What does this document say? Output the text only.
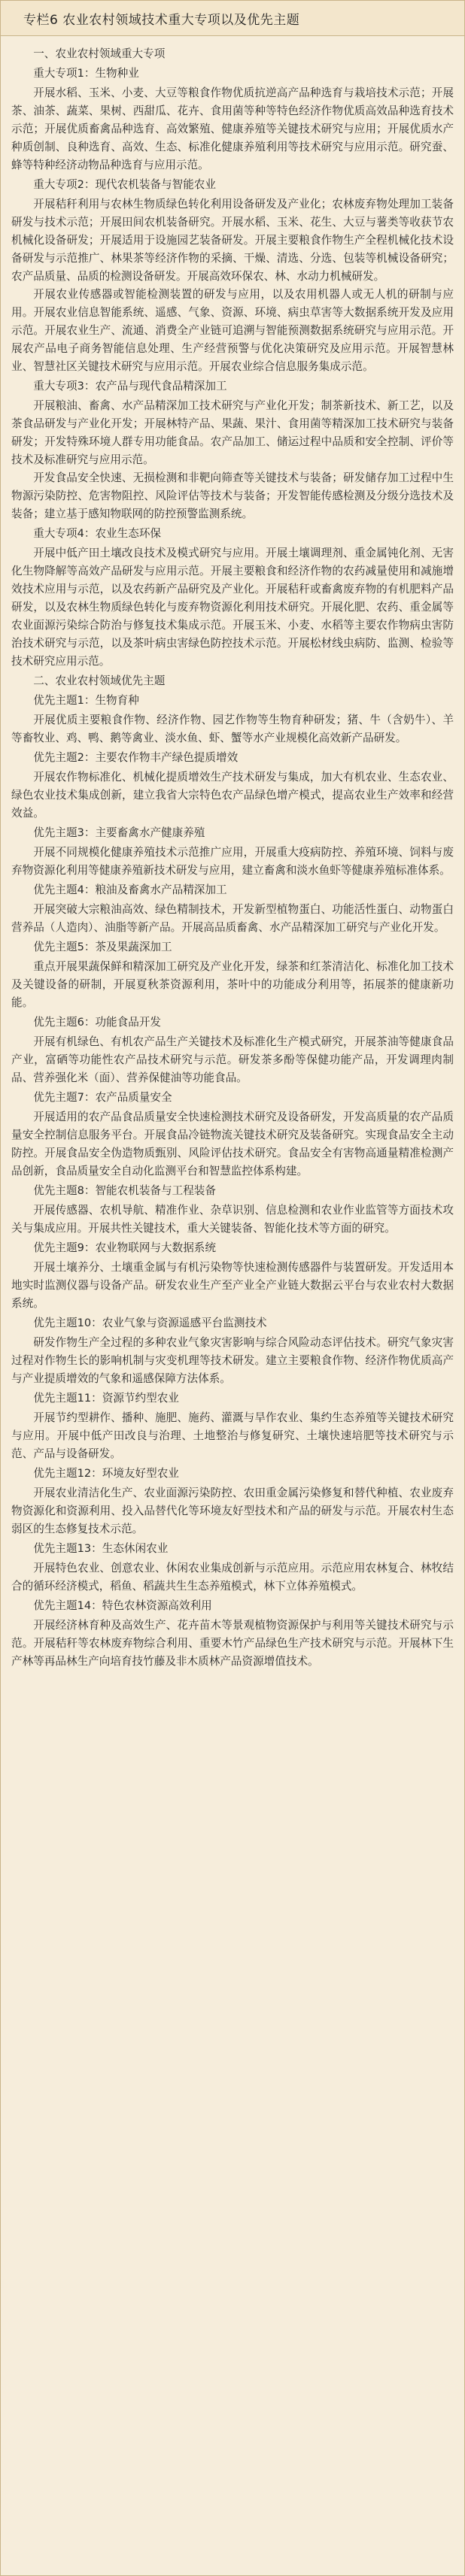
专栏6 农业农村领域技术重大专项以及优先主题
一、农业农村领域重大专项
重大专项1：生物种业

开展水稻、玉米、小麦、大豆等粮食作物优质抗逆高产品种选育与栽培技术示范；开展茶、油茶、蔬菜、果树、西甜瓜、花卉、食用菌等种等特色经济作物优质高效品种选育技术示范；开展优质畜禽品种选育、高效繁殖、健康养殖等关键技术研究与应用；开展优质水产种质创制、良种选育、高效、生态、标准化健康养殖利用等技术研究与应用示范。研究蚕、蜂等特种经济动物品种选育与应用示范。

重大专项2：现代农机装备与智能农业

开展秸秆利用与农林生物质绿色转化利用设备研发及产业化；农林废弃物处理加工装备研发与技术示范；开展田间农机装备研究。开展水稻、玉米、花生、大豆与薯类等收获节农机械化设备研发；开展适用于设施园艺装备研发。开展主要粮食作物生产全程机械化技术设备研发与示范推广、林果茶等经济作物的采摘、干燥、清选、分选、包装等机械设备研究；农产品质量、品质的检测设备研发。开展高效环保农、林、水动力机械研发。

开展农业传感器或智能检测装置的研发与应用，以及农用机器人或无人机的研制与应用。开展农业信息智能系统、遥感、气象、资源、环境、病虫草害等大数据系统开发及应用示范。开展农业生产、流通、消费全产业链可追溯与智能预测数据系统研究与应用示范。开展农产品电子商务智能信息处理、生产经营预警与优化决策研究及应用示范。开展智慧林业、智慧社区关键技术研究与应用示范。开展农业综合信息服务集成示范。

重大专项3：农产品与现代食品精深加工

开展粮油、畜禽、水产品精深加工技术研究与产业化开发；制茶新技术、新工艺，以及茶食品研发与产业化开发；开展林特产品、果蔬、果汁、食用菌等精深加工技术研究与装备研发；开发特殊环境人群专用功能食品。农产品加工、储运过程中品质和安全控制、评价等技术及标准研究与应用示范。

开发食品安全快速、无损检测和非靶向筛查等关键技术与装备；研发储存加工过程中生物源污染防控、危害物阻控、风险评估等技术与装备；开发智能传感检测及分级分选技术及装备；建立基于感知物联网的防控预警监测系统。

重大专项4：农业生态环保

开展中低产田土壤改良技术及模式研究与应用。开展土壤调理剂、重金属钝化剂、无害化生物降解等高效产品研发与应用示范。开展主要粮食和经济作物的农药减量使用和减施增效技术应用与示范，以及农药新产品研究及产业化。开展秸秆或畜禽废弃物的有机肥料产品研发，以及农林生物质绿色转化与废弃物资源化利用技术研究。开展化肥、农药、重金属等农业面源污染综合防治与修复技术集成示范。开展玉米、小麦、水稻等主要农作物病虫害防治技术研究与示范，以及茶叶病虫害绿色防控技术示范。开展松材线虫病防、监测、检验等技术研究应用示范。

二、农业农村领域优先主题
优先主题1：生物育种

开展优质主要粮食作物、经济作物、园艺作物等生物育种研发；猪、牛（含奶牛）、羊等畜牧业、鸡、鸭、鹅等禽业、淡水鱼、虾、蟹等水产业规模化高效新产品研发。

优先主题2：主要农作物丰产绿色提质增效

开展农作物标准化、机械化提质增效生产技术研发与集成，加大有机农业、生态农业、绿色农业技术集成创新，建立我省大宗特色农产品绿色增产模式，提高农业生产效率和经营效益。

优先主题3：主要畜禽水产健康养殖

开展不同规模化健康养殖技术示范推广应用，开展重大疫病防控、养殖环境、饲料与废弃物资源化利用等健康养殖新技术研发与应用，建立畜禽和淡水鱼虾等健康养殖标准体系。

优先主题4：粮油及畜禽水产品精深加工

开展突破大宗粮油高效、绿色精制技术，开发新型植物蛋白、功能活性蛋白、动物蛋白营养品（人造肉）、油脂等新产品。开展高品质畜禽、水产品精深加工研究与产业化开发。

优先主题5：茶及果蔬深加工

重点开展果蔬保鲜和精深加工研究及产业化开发，绿茶和红茶清洁化、标准化加工技术及关键设备的研制，开展夏秋茶资源利用，茶叶中的功能成分利用等，拓展茶的健康新功能。

优先主题6：功能食品开发

开展有机绿色、有机农产品生产关键技术及标准化生产模式研究，开展茶油等健康食品产业，富硒等功能性农产品技术研究与示范。研发茶多酚等保健功能产品，开发调理肉制品、营养强化米（面）、营养保健油等功能食品。

优先主题7：农产品质量安全

开展适用的农产品食品质量安全快速检测技术研究及设备研发，开发高质量的农产品质量安全控制信息服务平台。开展食品冷链物流关键技术研究及装备研究。实现食品安全主动防控。开展食品安全伪造物质甄别、风险评估技术研究。食品安全有害物高通量精准检测产品创新，食品质量安全自动化监测平台和智慧监控体系构建。

优先主题8：智能农机装备与工程装备

开展传感器、农机导航、精准作业、杂草识别、信息检测和农业作业监管等方面技术攻关与集成应用。开展共性关键技术，重大关键装备、智能化技术等方面的研究。

优先主题9：农业物联网与大数据系统

开展土壤养分、土壤重金属与有机污染物等快速检测传感器件与装置研发。开发适用本地实时监测仪器与设备产品。研发农业生产至产业全产业链大数据云平台与农业农村大数据系统。

优先主题10：农业气象与资源遥感平台监测技术

研发作物生产全过程的多种农业气象灾害影响与综合风险动态评估技术。研究气象灾害过程对作物生长的影响机制与灾变机理等技术研发。建立主要粮食作物、经济作物优质高产与产业提质增效的气象和遥感保障方法体系。

优先主题11：资源节约型农业

开展节约型耕作、播种、施肥、施药、灌溉与旱作农业、集约生态养殖等关键技术研究与应用。开展中低产田改良与治理、土地整治与修复研究、土壤快速培肥等技术研究与示范、产品与设备研发。

优先主题12：环境友好型农业

开展农业清洁化生产、农业面源污染防控、农田重金属污染修复和替代种植、农业废弃物资源化和资源利用、投入品替代化等环境友好型技术和产品的研发与示范。开展农村生态弱区的生态修复技术示范。

优先主题13：生态休闲农业

开展特色农业、创意农业、休闲农业集成创新与示范应用。示范应用农林复合、林牧结合的循环经济模式，稻鱼、稻蔬共生生态养殖模式，林下立体养殖模式。

优先主题14：特色农林资源高效利用

开展经济林育种及高效生产、花卉苗木等景观植物资源保护与利用等关键技术研究与示范。开展秸秆等农林废弃物综合利用、重要木竹产品绿色生产技术研究与示范。开展林下生产林等再品林生产向培育技竹藤及非木质林产品资源增值技术。
